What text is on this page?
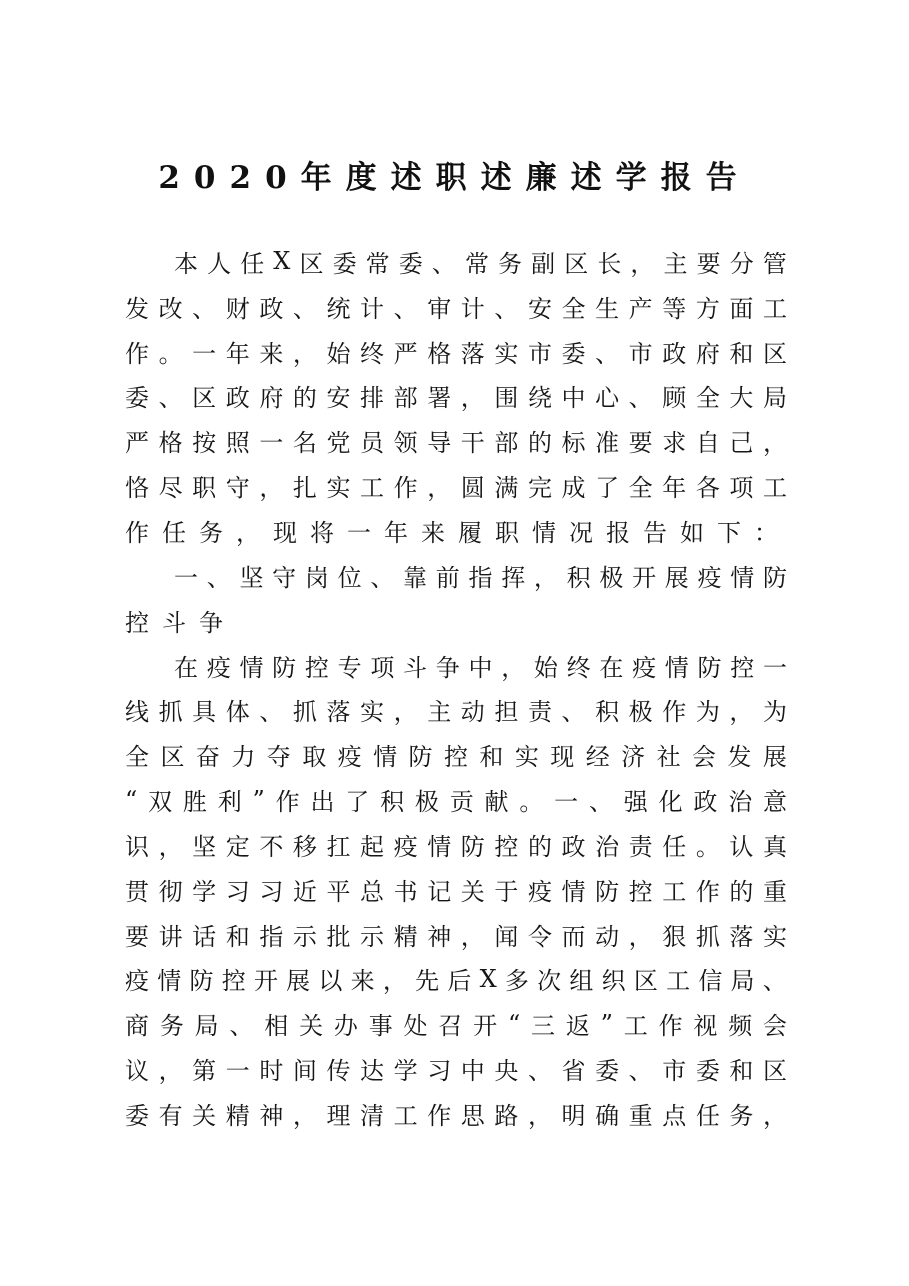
2020年度述职述廉述学报告
本 人 任 X 区 委 常 委 、 常 务 副 区 长 ， 主 要 分 管
发 改 、 财 政 、 统 计 、 审 计 、 安 全 生 产 等 方 面 工
作 。 一 年 来 ， 始 终 严 格 落 实 市 委 、 市 政 府 和 区
委 、 区 政 府 的 安 排 部 署 ， 围 绕 中 心 、 顾 全 大 局
严 格 按 照 一 名 党 员 领 导 干 部 的 标 准 要 求 自 己 ，
恪 尽 职 守 ， 扎 实 工 作 ， 圆 满 完 成 了 全 年 各 项 工
作 任 务 ， 现 将 一 年 来 履 职 情 况 报 告 如 下 ：
一 、 坚 守 岗 位 、 靠 前 指 挥 ， 积 极 开 展 疫 情 防
控 斗 争
在 疫 情 防 控 专 项 斗 争 中 ， 始 终 在 疫 情 防 控 一
线 抓 具 体 、 抓 落 实 ， 主 动 担 责 、 积 极 作 为 ， 为
全 区 奋 力 夺 取 疫 情 防 控 和 实 现 经 济 社 会 发 展
“ 双 胜 利 ” 作 出 了 积 极 贡 献 。 一 、 强 化 政 治 意
识 ， 坚 定 不 移 扛 起 疫 情 防 控 的 政 治 责 任 。 认 真
贯 彻 学 习 习 近 平 总 书 记 关 于 疫 情 防 控 工 作 的 重
要 讲 话 和 指 示 批 示 精 神 ， 闻 令 而 动 ， 狠 抓 落 实
疫 情 防 控 开 展 以 来 ， 先 后 X 多 次 组 织 区 工 信 局 、
商 务 局 、 相 关 办 事 处 召 开 “ 三 返 ” 工 作 视 频 会
议 ， 第 一 时 间 传 达 学 习 中 央 、 省 委 、 市 委 和 区
委 有 关 精 神 ， 理 清 工 作 思 路 ， 明 确 重 点 任 务 ，
